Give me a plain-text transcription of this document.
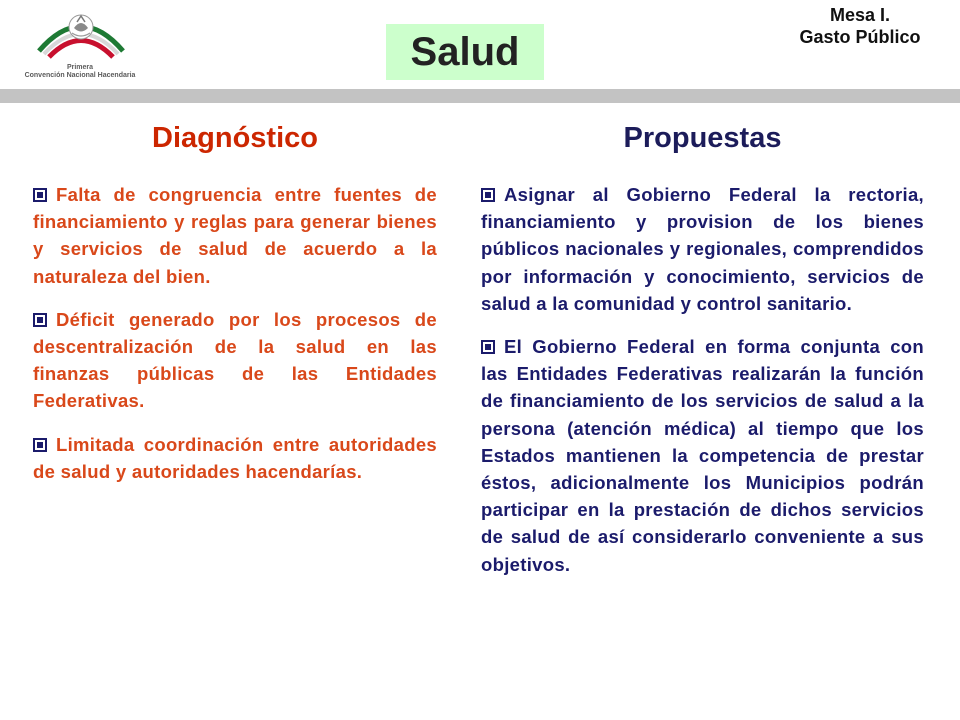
Primera
Convención Nacional Hacendaria
Salud
Mesa I.
Gasto Público
Diagnóstico

Falta de congruencia entre fuentes de financiamiento y reglas para generar bienes y servicios de salud de acuerdo a la naturaleza del bien.

Déficit generado por los procesos de descentralización de la salud en las finanzas públicas de las Entidades Federativas.

Limitada coordinación entre autoridades de salud y autoridades hacendarías.

Propuestas

Asignar al Gobierno Federal la rectoria, financiamiento y provision de los bienes públicos nacionales y regionales, comprendidos por información y conocimiento, servicios de salud a la comunidad y control sanitario.

El Gobierno Federal en forma conjunta con las Entidades Federativas realizarán la función de financiamiento de los servicios de salud a la persona (atención médica) al tiempo que los Estados mantienen la competencia de prestar éstos, adicionalmente los Municipios podrán participar en la prestación de dichos servicios de salud de así considerarlo conveniente a sus objetivos.
